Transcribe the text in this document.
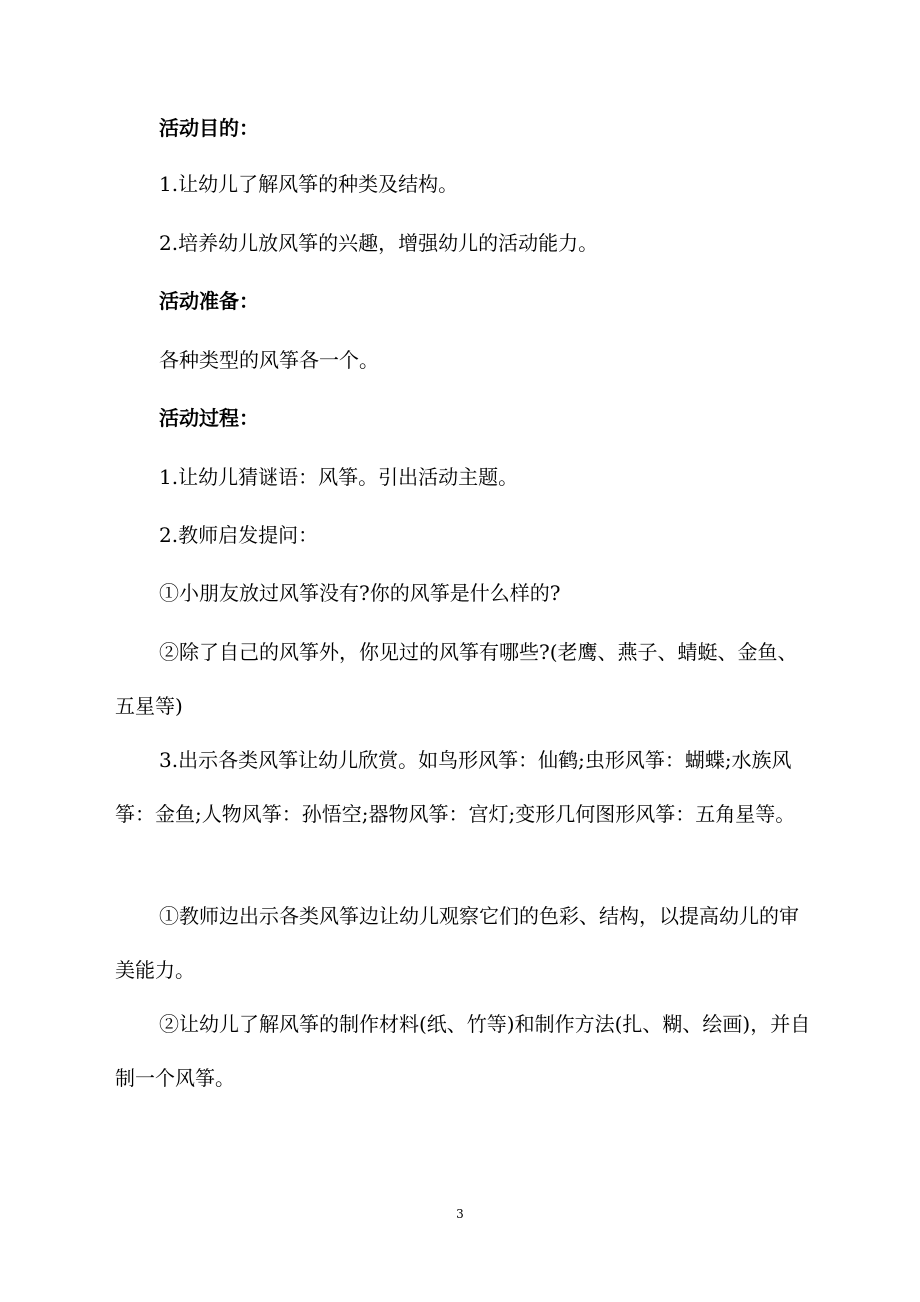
活动目的：

1.让幼儿了解风筝的种类及结构。

2.培养幼儿放风筝的兴趣，增强幼儿的活动能力。

活动准备：

各种类型的风筝各一个。

活动过程：

1.让幼儿猜谜语：风筝。引出活动主题。

2.教师启发提问：

①小朋友放过风筝没有?你的风筝是什么样的?

②除了自己的风筝外，你见过的风筝有哪些?(老鹰、燕子、蜻蜓、金鱼、五星等)

3.出示各类风筝让幼儿欣赏。如鸟形风筝：仙鹤;虫形风筝：蝴蝶;水族风筝：金鱼;人物风筝：孙悟空;器物风筝：宫灯;变形几何图形风筝：五角星等。

①教师边出示各类风筝边让幼儿观察它们的色彩、结构，以提高幼儿的审美能力。

②让幼儿了解风筝的制作材料(纸、竹等)和制作方法(扎、糊、绘画)，并自制一个风筝。

3
